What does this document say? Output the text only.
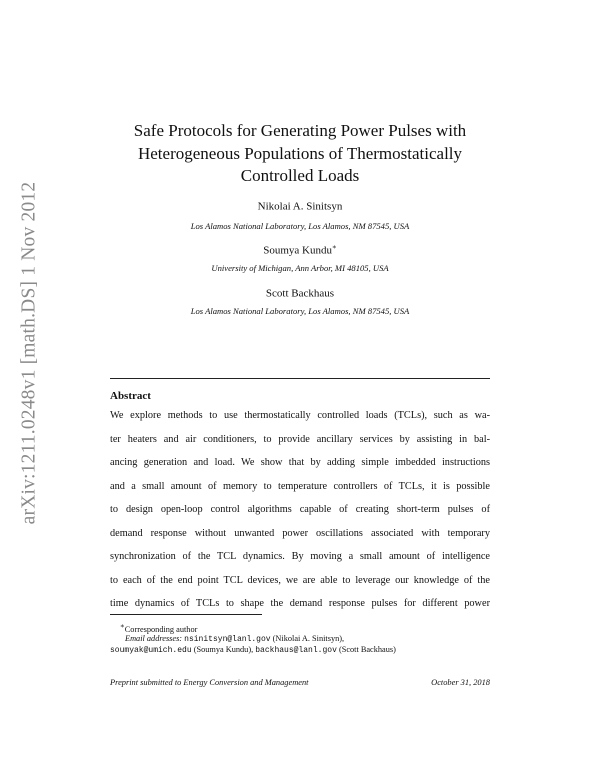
arXiv:1211.0248v1 [math.DS] 1 Nov 2012
Safe Protocols for Generating Power Pulses with
Heterogeneous Populations of Thermostatically
Controlled Loads
Nikolai A. Sinitsyn
Los Alamos National Laboratory, Los Alamos, NM 87545, USA
Soumya Kundu∗
University of Michigan, Ann Arbor, MI 48105, USA
Scott Backhaus
Los Alamos National Laboratory, Los Alamos, NM 87545, USA
Abstract
We explore methods to use thermostatically controlled loads (TCLs), such as wa-
ter heaters and air conditioners, to provide ancillary services by assisting in bal-
ancing generation and load. We show that by adding simple imbedded instructions
and a small amount of memory to temperature controllers of TCLs, it is possible
to design open-loop control algorithms capable of creating short-term pulses of
demand response without unwanted power oscillations associated with temporary
synchronization of the TCL dynamics. By moving a small amount of intelligence
to each of the end point TCL devices, we are able to leverage our knowledge of the
time dynamics of TCLs to shape the demand response pulses for different power
∗Corresponding author
Email addresses: nsinitsyn@lanl.gov (Nikolai A. Sinitsyn),
soumyak@umich.edu (Soumya Kundu), backhaus@lanl.gov (Scott Backhaus)
Preprint submitted to Energy Conversion and Management	October 31, 2018
